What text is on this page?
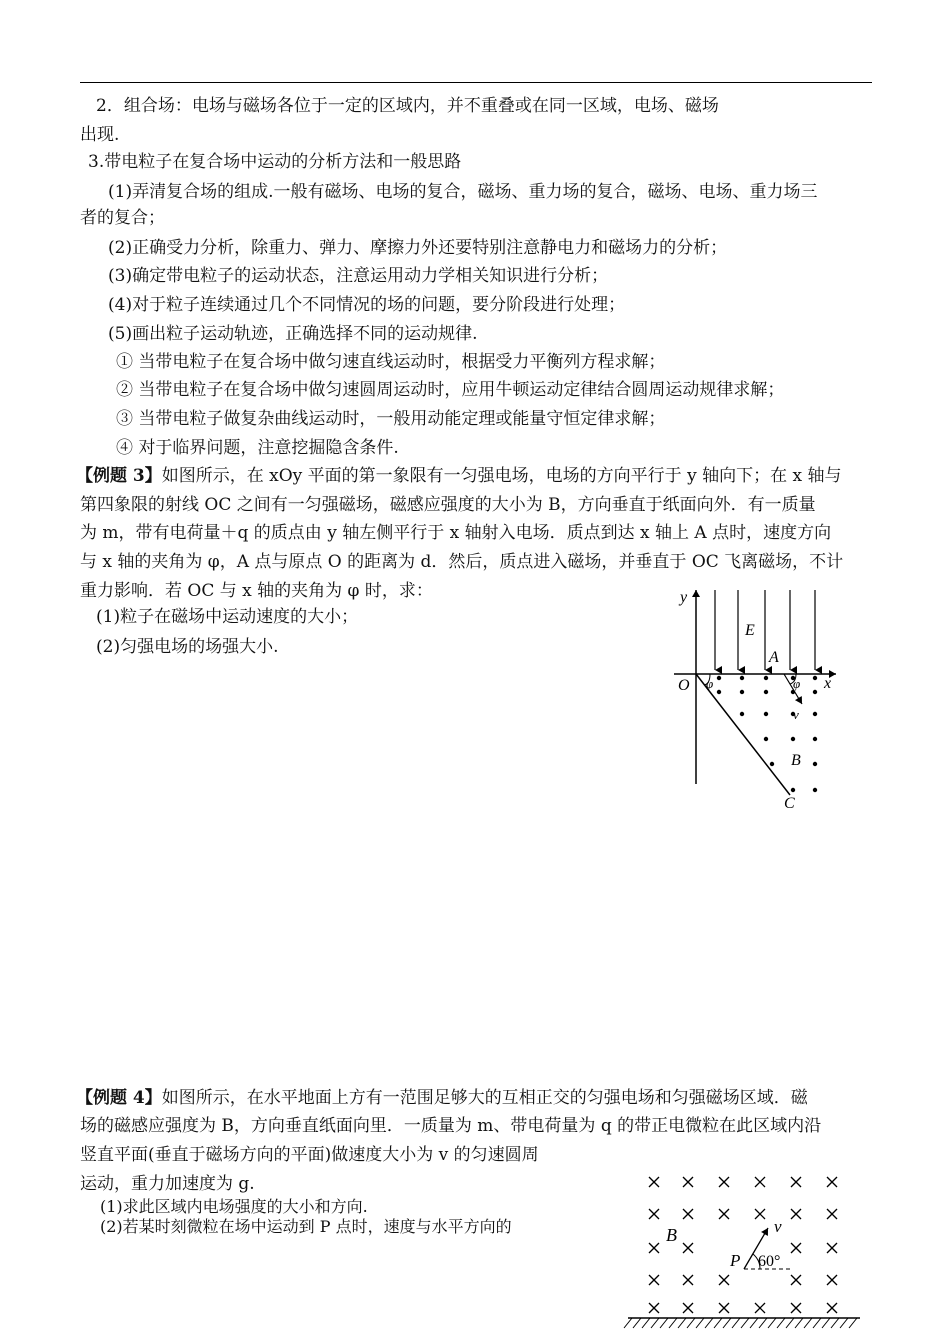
2．组合场：电场与磁场各位于一定的区域内，并不重叠或在同一区域，电场、磁场
出现.
3.带电粒子在复合场中运动的分析方法和一般思路
(1)弄清复合场的组成.一般有磁场、电场的复合，磁场、重力场的复合，磁场、电场、重力场三
者的复合；
(2)正确受力分析，除重力、弹力、摩擦力外还要特别注意静电力和磁场力的分析；
(3)确定带电粒子的运动状态，注意运用动力学相关知识进行分析；
(4)对于粒子连续通过几个不同情况的场的问题，要分阶段进行处理；
(5)画出粒子运动轨迹，正确选择不同的运动规律.
① 当带电粒子在复合场中做匀速直线运动时，根据受力平衡列方程求解；
② 当带电粒子在复合场中做匀速圆周运动时，应用牛顿运动定律结合圆周运动规律求解；
③ 当带电粒子做复杂曲线运动时，一般用动能定理或能量守恒定律求解；
④ 对于临界问题，注意挖掘隐含条件.
【例题 3】如图所示，在 xOy 平面的第一象限有一匀强电场，电场的方向平行于 y 轴向下；在 x 轴与
第四象限的射线 OC 之间有一匀强磁场，磁感应强度的大小为 B，方向垂直于纸面向外．有一质量
为 m，带有电荷量＋q 的质点由 y 轴左侧平行于 x 轴射入电场．质点到达 x 轴上 A 点时，速度方向
与 x 轴的夹角为 φ，A 点与原点 O 的距离为 d．然后，质点进入磁场，并垂直于 OC 飞离磁场，不计
重力影响．若 OC 与 x 轴的夹角为 φ 时，求：
(1)粒子在磁场中运动速度的大小；
(2)匀强电场的场强大小.
y
E
A
O	x
φ	φ
v
B
C
【例题 4】如图所示，在水平地面上方有一范围足够大的互相正交的匀强电场和匀强磁场区域．磁
场的磁感应强度为 B，方向垂直纸面向里．一质量为 m、带电荷量为 q 的带正电微粒在此区域内沿
竖直平面(垂直于磁场方向的平面)做速度大小为 v 的匀速圆周
运动，重力加速度为 g.
(1)求此区域内电场强度的大小和方向.
(2)若某时刻微粒在场中运动到 P 点时，速度与水平方向的	B
P
v
60°
